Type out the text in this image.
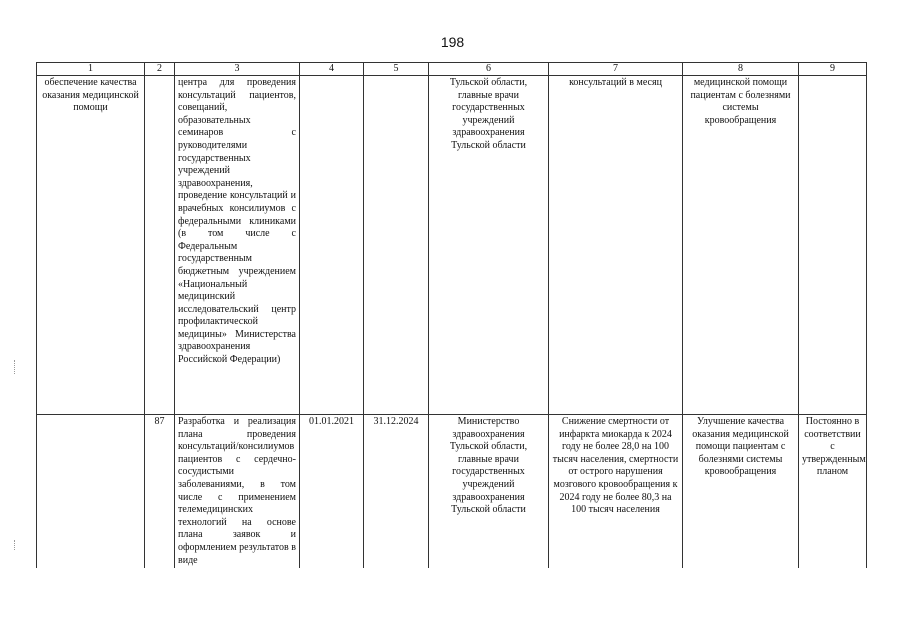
198
1	2	3	4	5	6	7	8	9
обеспечение качества оказания медицинской помощи		центра для проведения консультаций пациентов, совещаний, образовательных семинаров с руководителями государственных учреждений здравоохранения, проведение консультаций и врачебных консилиумов с федеральными клиниками (в том числе с Федеральным государственным бюджетным учреждением «Национальный медицинский исследовательский центр профилактической медицины» Министерства здравоохранения Российской Федерации)			Тульской области, главные врачи государственных учреждений здравоохранения Тульской области	консультаций в месяц	медицинской помощи пациентам с болезнями системы кровообращения	
	87	Разработка и реализация плана проведения консультаций/консилиумов пациентов с сердечно-сосудистыми заболеваниями, в том числе с применением телемедицинских технологий на основе плана заявок и оформлением результатов в виде	01.01.2021	31.12.2024	Министерство здравоохранения Тульской области, главные врачи государственных учреждений здравоохранения Тульской области	Снижение смертности от инфаркта миокарда к 2024 году не более 28,0 на 100 тысяч населения, смертности от острого нарушения мозгового кровообращения к 2024 году не более 80,3 на 100 тысяч населения	Улучшение качества оказания медицинской помощи пациентам с болезнями системы кровообращения	Постоянно в соответствии с утвержденным планом
